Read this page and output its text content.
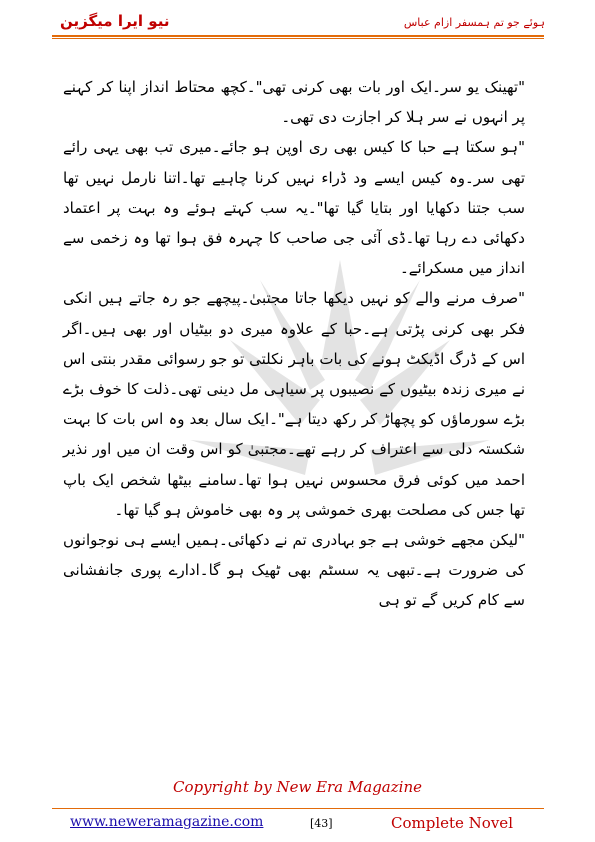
نیو ایرا میگزین	ہوئے جو تم ہمسفر ازام عباس

"تھینک یو سر۔ایک اور بات بھی کرنی تھی"۔کچھ محتاط انداز اپنا کر کہنے پر انہوں نے سر ہلا کر اجازت دی تھی۔

"ہو سکتا ہے حبا کا کیس بھی ری اوپن ہو جائے۔میری تب بھی یہی رائے تھی سر۔وہ کیس ایسے ود ڈراء نہیں کرنا چاہیے تھا۔اتنا نارمل نہیں تھا سب جتنا دکھایا اور بتایا گیا تھا"۔یہ سب کہتے ہوئے وہ بہت پر اعتماد دکھائی دے رہا تھا۔ڈی آئی جی صاحب کا چہرہ فق ہوا تھا وہ زخمی سے انداز میں مسکرائے۔

"صرف مرنے والے کو نہیں دیکھا جاتا مجتبیٰ۔پیچھے جو رہ جاتے ہیں انکی فکر بھی کرنی پڑتی ہے۔حبا کے علاوہ میری دو بیٹیاں اور بھی ہیں۔اگر اس کے ڈرگ اڈیکٹ ہونے کی بات باہر نکلتی تو جو رسوائی مقدر بنتی اس نے میری زندہ بیٹیوں کے نصیبوں پر سیاہی مل دینی تھی۔ذلت کا خوف بڑے بڑے سورماؤں کو پچھاڑ کر رکھ دیتا ہے"۔ایک سال بعد وہ اس بات کا بہت شکستہ دلی سے اعتراف کر رہے تھے۔مجتبیٰ کو اس وقت ان میں اور نذیر احمد میں کوئی فرق محسوس نہیں ہوا تھا۔سامنے بیٹھا شخص ایک باپ تھا جس کی مصلحت بھری خموشی پر وہ بھی خاموش ہو گیا تھا۔

"لیکن مجھے خوشی ہے جو بہادری تم نے دکھائی۔ہمیں ایسے ہی نوجوانوں کی ضرورت ہے۔تبھی یہ سسٹم بھی ٹھیک ہو گا۔ادارے پوری جانفشانی سے کام کریں گے تو ہی

Copyright by New Era Magazine
www.neweramagazine.com	[43]	Complete Novel
